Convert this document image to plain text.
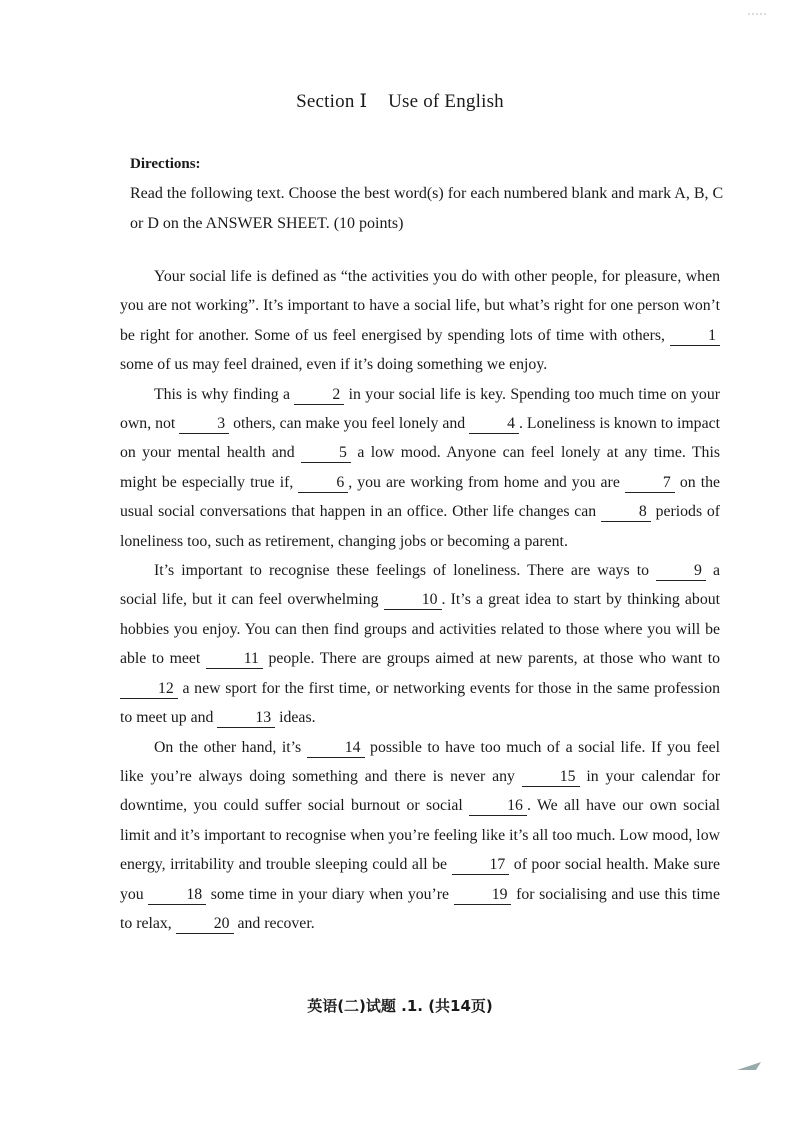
Section Ⅰ Use of English
Directions:
Read the following text. Choose the best word(s) for each numbered blank and mark A, B, C or D on the ANSWER SHEET. (10 points)

Your social life is defined as “the activities you do with other people, for pleasure, when you are not working”. It’s important to have a social life, but what’s right for one person won’t be right for another. Some of us feel energised by spending lots of time with others, 1 some of us may feel drained, even if it’s doing something we enjoy.

This is why finding a 2 in your social life is key. Spending too much time on your own, not 3 others, can make you feel lonely and 4 . Loneliness is known to impact on your mental health and 5 a low mood. Anyone can feel lonely at any time. This might be especially true if, 6 , you are working from home and you are 7 on the usual social conversations that happen in an office. Other life changes can 8 periods of loneliness too, such as retirement, changing jobs or becoming a parent.

It’s important to recognise these feelings of loneliness. There are ways to 9 a social life, but it can feel overwhelming 10 . It’s a great idea to start by thinking about hobbies you enjoy. You can then find groups and activities related to those where you will be able to meet 11 people. There are groups aimed at new parents, at those who want to 12 a new sport for the first time, or networking events for those in the same profession to meet up and 13 ideas.

On the other hand, it’s 14 possible to have too much of a social life. If you feel like you’re always doing something and there is never any 15 in your calendar for downtime, you could suffer social burnout or social 16 . We all have our own social limit and it’s important to recognise when you’re feeling like it’s all too much. Low mood, low energy, irritability and trouble sleeping could all be 17 of poor social health. Make sure you 18 some time in your diary when you’re 19 for socialising and use this time to relax, 20 and recover.

英语(二)试题 .1. (共14页)
